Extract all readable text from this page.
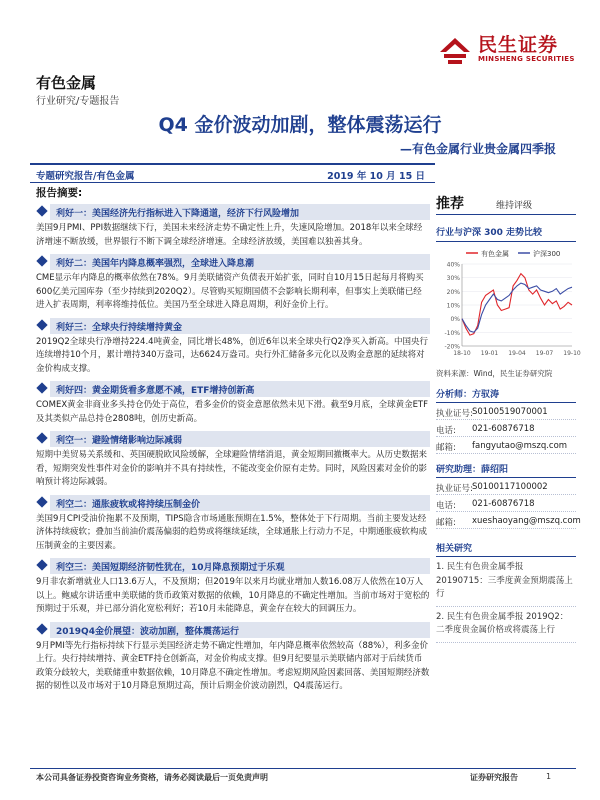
民生证券
MINSHENG SECURITIES
有色金属
行业研究/专题报告
Q4 金价波动加剧，整体震荡运行
—有色金属行业贵金属四季报
专题研究报告/有色金属	2019 年 10 月 15 日
报告摘要:
利好一：美国经济先行指标进入下降通道，经济下行风险增加
美国9月PMI、PPI数据继续下行，美国未来经济走势不确定性上升，失速风险增加。2018年以来全球经济增速不断放缓，世界银行不断下调全球经济增速。全球经济放缓，美国难以独善其身。
利好二：美国年内降息概率强烈，全球进入降息潮
CME显示年内降息的概率依然在78%。9月美联储资产负债表开始扩张，同时自10月15日起每月将购买600亿美元国库券（至少持续到2020Q2）。尽管购买短期国债不会影响长期利率，但事实上美联储已经进入扩表周期，利率将维持低位。美国乃至全球进入降息周期，利好金价上行。
利好三：全球央行持续增持黄金
2019Q2全球央行净增持224.4吨黄金，同比增长48%，创近6年以来全球央行Q2净买入新高。中国央行连续增持10个月，累计增持340万盎司，达6624万盎司。央行外汇储备多元化以及购金意愿的延续将对金价构成支撑。
利好四：黄金期货看多意愿不减，ETF增持创新高
COMEX黄金非商业多头持仓仍处于高位，看多金价的资金意愿依然未见下滑。截至9月底，全球黄金ETF及其类似产品总持仓2808吨，创历史新高。
利空一：避险情绪影响边际减弱
短期中美贸易关系缓和、英国硬脱欧风险缓解，全球避险情绪消退，黄金短期回撤概率大。从历史数据来看，短期突发性事件对金价的影响并不具有持续性，不能改变金价原有走势。同时，风险因素对金价的影响预计将边际减弱。
利空二：通胀疲软或将持续压制金价
美国9月CPI受油价拖累不及预期，TIPS隐含市场通胀预期在1.5%，整体处于下行周期。当前主要发达经济体持续疲软；叠加当前油价震荡偏弱的趋势或将继续延续，全球通胀上行动力不足，中期通胀疲软构成压制黄金的主要因素。
利空三：美国短期经济韧性犹在，10月降息预期过于乐观
9月非农新增就业人口13.6万人，不及预期；但2019年以来月均就业增加人数16.08万人依然在10万人以上。鲍威尔讲话重申美联储的货币政策对数据的依赖，10月降息的不确定性增加。当前市场对于宽松的预期过于乐观，并已部分消化宽松利好；若10月未能降息，黄金存在较大的回调压力。
2019Q4金价展望：波动加剧，整体震荡运行
9月PMI等先行指标持续下行显示美国经济走势不确定性增加，年内降息概率依然较高（88%），利多金价上行。央行持续增持、黄金ETF持仓创新高，对金价构成支撑。但9月纪要显示美联储内部对于后续货币政策分歧较大，美联储重申数据依赖，10月降息不确定性增加。考虑短期风险因素回落、美国短期经济数据的韧性以及市场对于10月降息预期过高，预计后期金价波动剧烈，Q4震荡运行。
推荐	维持评级
行业与沪深 300 走势比较
有色金属	沪深300
40%
30%
20%
10%
0%
-10%
-20%
18-10 19-01 19-04 19-07 19-10
资料来源：Wind，民生证券研究院
分析师：方驭涛
执业证号: S0100519070001
电话: 021-60876718
邮箱: fangyutao@mszq.com
研究助理：薛绍阳
执业证号: S0100117100002
电话: 021-60876718
邮箱: xueshaoyang@mszq.com
相关研究
1. 民生有色贵金属季报 20190715：三季度黄金预期震荡上行
2. 民生有色贵金属季报 2019Q2：二季度贵金属价格或将震荡上行
本公司具备证券投资咨询业务资格，请务必阅读最后一页免责声明	证券研究报告	1
